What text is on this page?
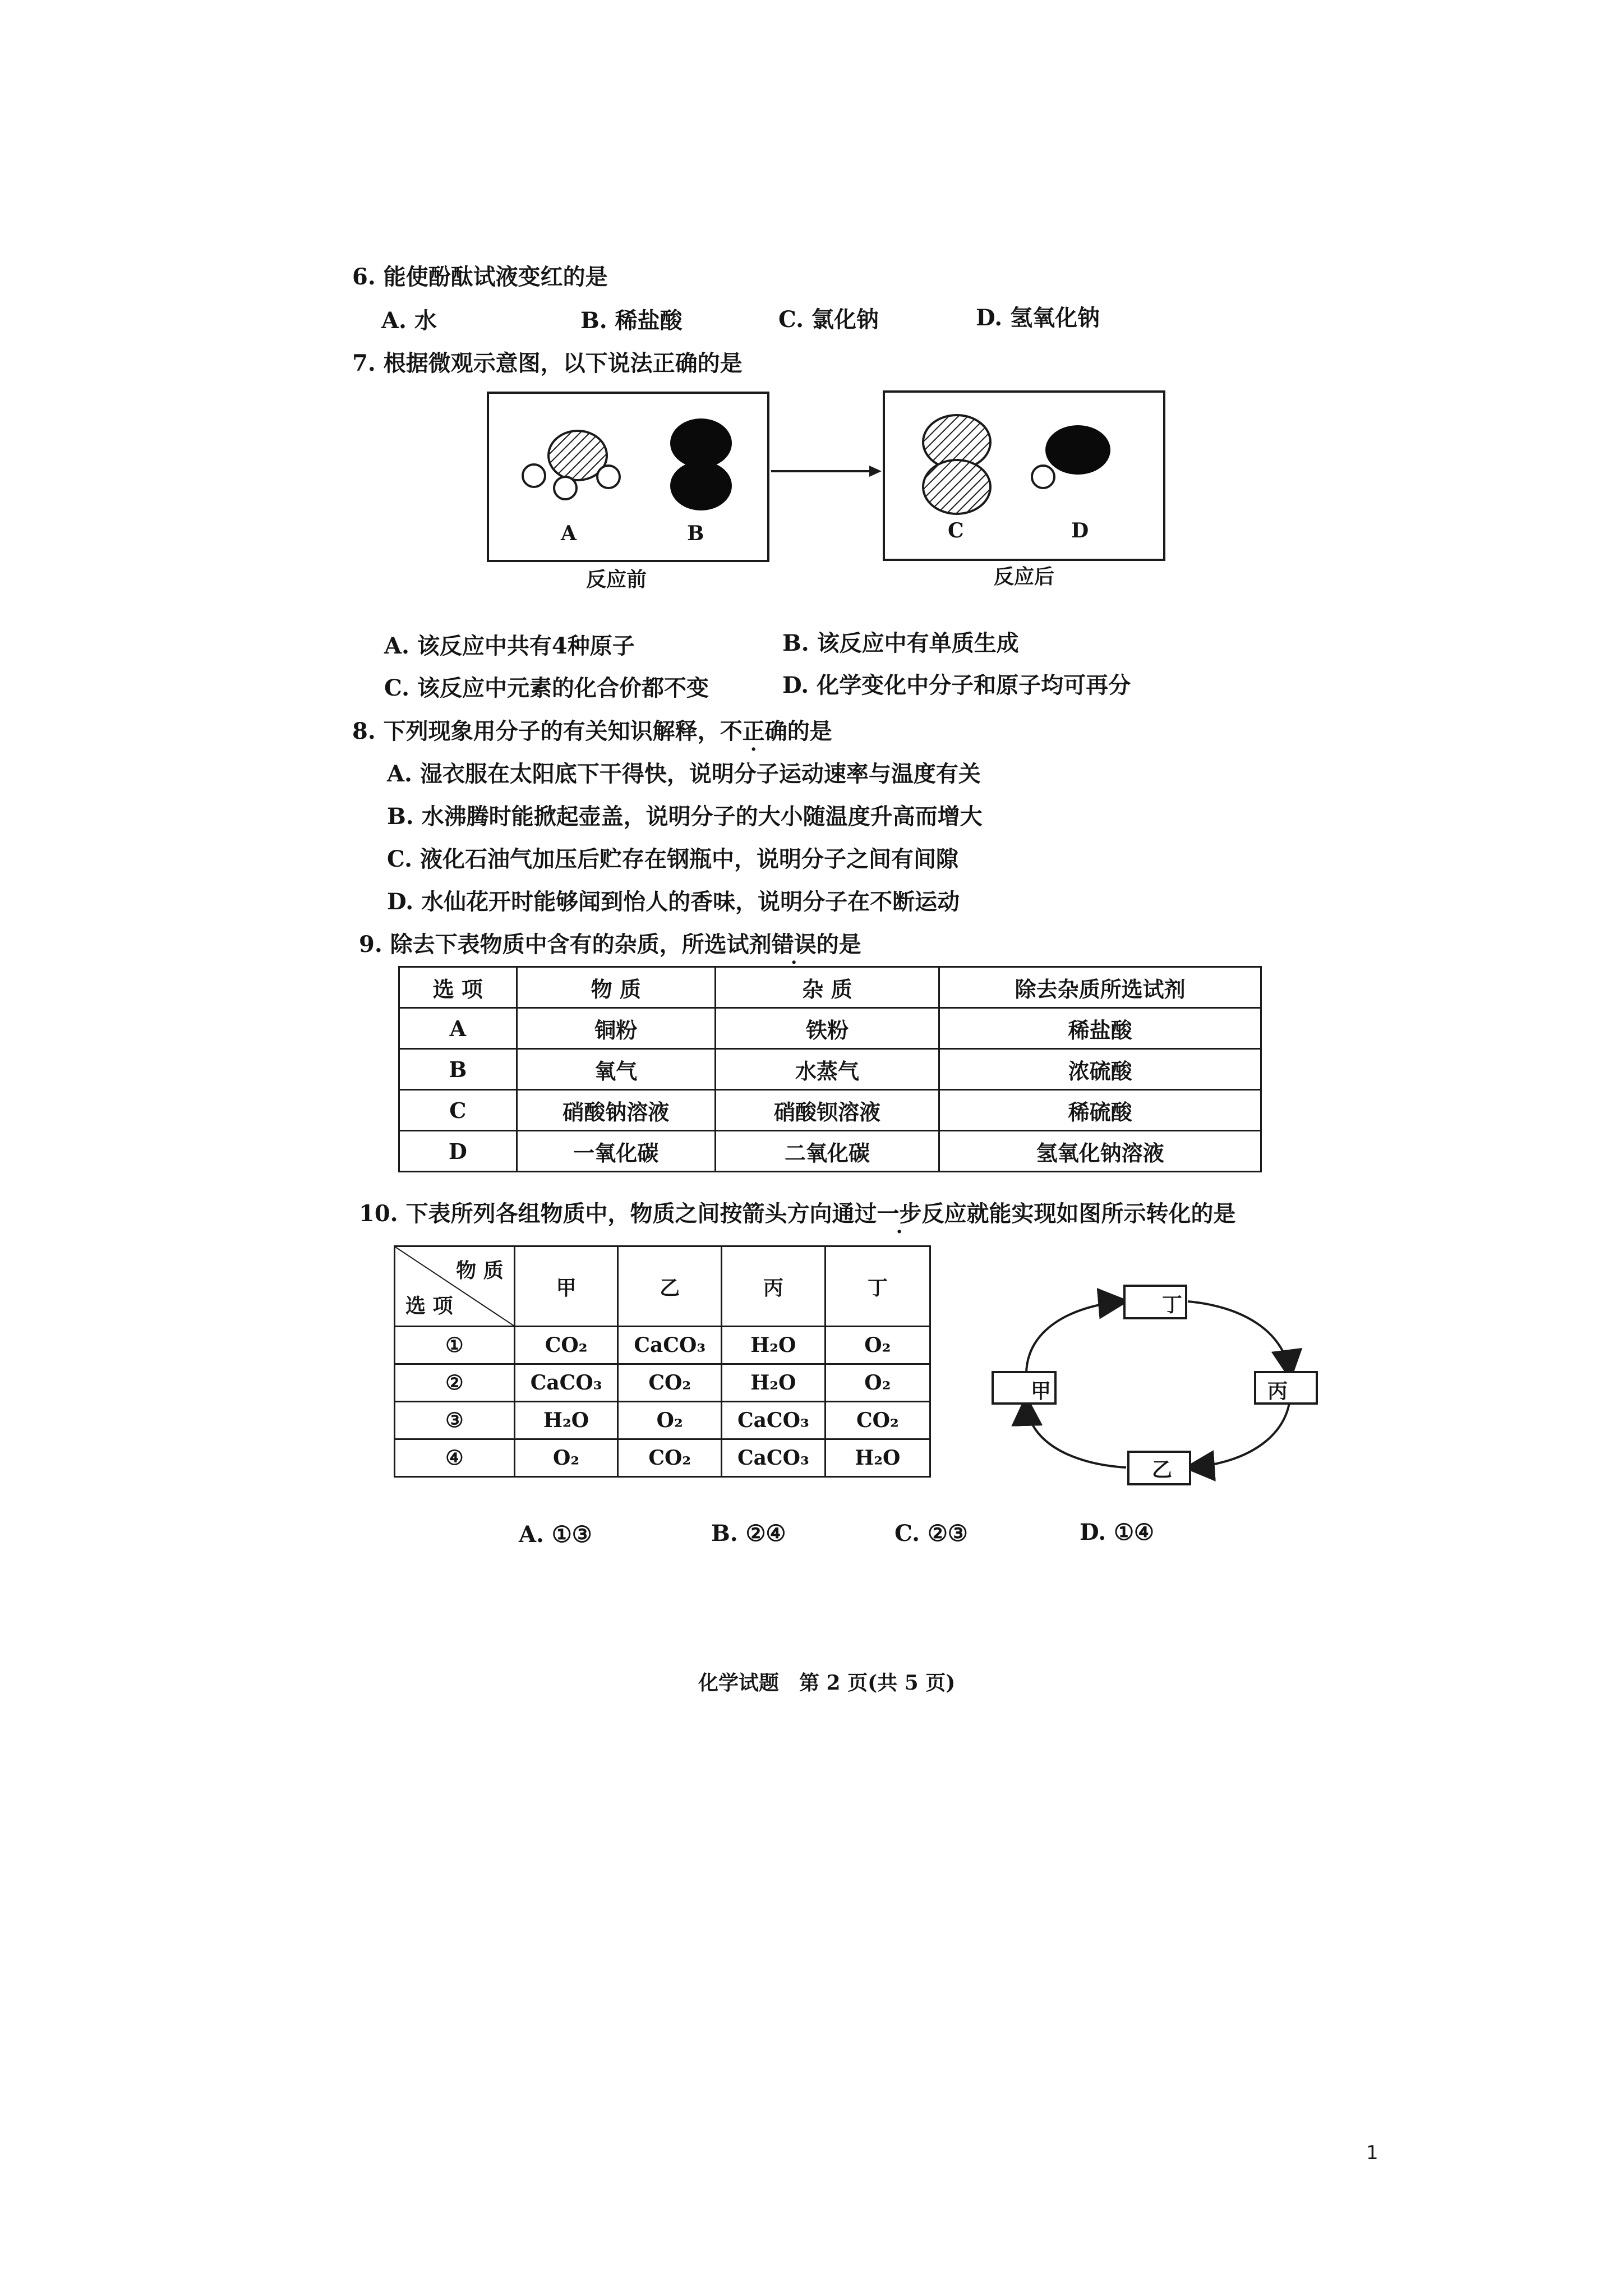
6. 能使酚酞试液变红的是
A. 水	B. 稀盐酸	C. 氯化钠	D. 氢氧化钠
7. 根据微观示意图，以下说法正确的是
A	B	C	D
反应前	反应后
A. 该反应中共有4种原子	B. 该反应中有单质生成
C. 该反应中元素的化合价都不变	D. 化学变化中分子和原子均可再分
8. 下列现象用分子的有关知识解释，不正确的是
A. 湿衣服在太阳底下干得快，说明分子运动速率与温度有关
B. 水沸腾时能掀起壶盖，说明分子的大小随温度升高而增大
C. 液化石油气加压后贮存在钢瓶中，说明分子之间有间隙
D. 水仙花开时能够闻到怡人的香味，说明分子在不断运动
9. 除去下表物质中含有的杂质，所选试剂错误的是
选 项	物 质	杂 质	除去杂质所选试剂
A	铜粉	铁粉	稀盐酸
B	氧气	水蒸气	浓硫酸
C	硝酸钠溶液	硝酸钡溶液	稀硫酸
D	一氧化碳	二氧化碳	氢氧化钠溶液
10. 下表所列各组物质中，物质之间按箭头方向通过一步反应就能实现如图所示转化的是
物 质
选 项	甲	乙	丙	丁
①	CO₂	CaCO₃	H₂O	O₂
②	CaCO₃	CO₂	H₂O	O₂
③	H₂O	O₂	CaCO₃	CO₂
④	O₂	CO₂	CaCO₃	H₂O
丁
甲	丙
乙
A. ①③	B. ②④	C. ②③	D. ①④
化学试题　第 2 页(共 5 页)
1
